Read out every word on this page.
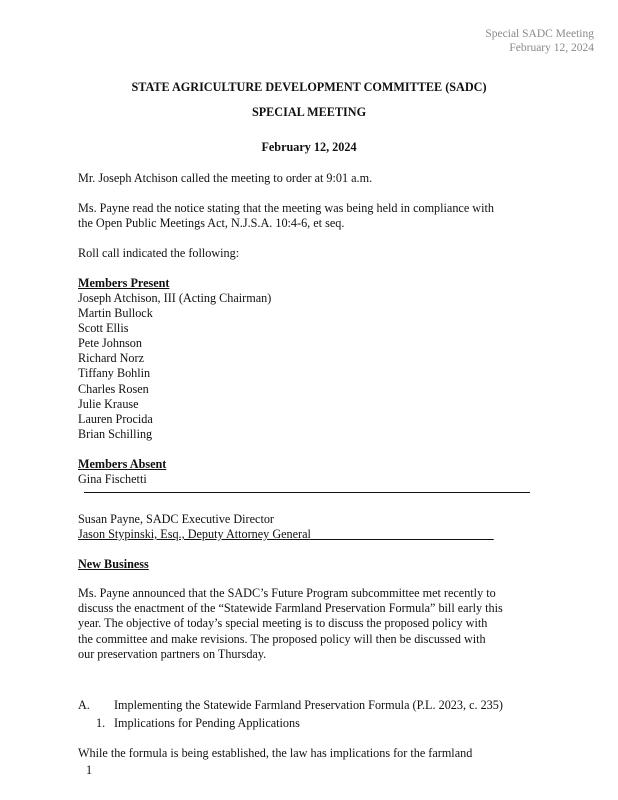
Special SADC Meeting
February 12, 2024
STATE AGRICULTURE DEVELOPMENT COMMITTEE (SADC)
SPECIAL MEETING
February 12, 2024
Mr. Joseph Atchison called the meeting to order at 9:01 a.m.
Ms. Payne read the notice stating that the meeting was being held in compliance with
the Open Public Meetings Act, N.J.S.A. 10:4-6, et seq.
Roll call indicated the following:
Members Present
Joseph Atchison, III (Acting Chairman)
Martin Bullock
Scott Ellis
Pete Johnson
Richard Norz
Tiffany Bohlin
Charles Rosen
Julie Krause
Lauren Procida
Brian Schilling
Members Absent
Gina Fischetti
Susan Payne, SADC Executive Director
Jason Stypinski, Esq., Deputy Attorney General
New Business
Ms. Payne announced that the SADC’s Future Program subcommittee met recently to
discuss the enactment of the “Statewide Farmland Preservation Formula” bill early this
year. The objective of today’s special meeting is to discuss the proposed policy with
the committee and make revisions. The proposed policy will then be discussed with
our preservation partners on Thursday.
A. Implementing the Statewide Farmland Preservation Formula (P.L. 2023, c. 235)
1. Implications for Pending Applications
While the formula is being established, the law has implications for the farmland
1
